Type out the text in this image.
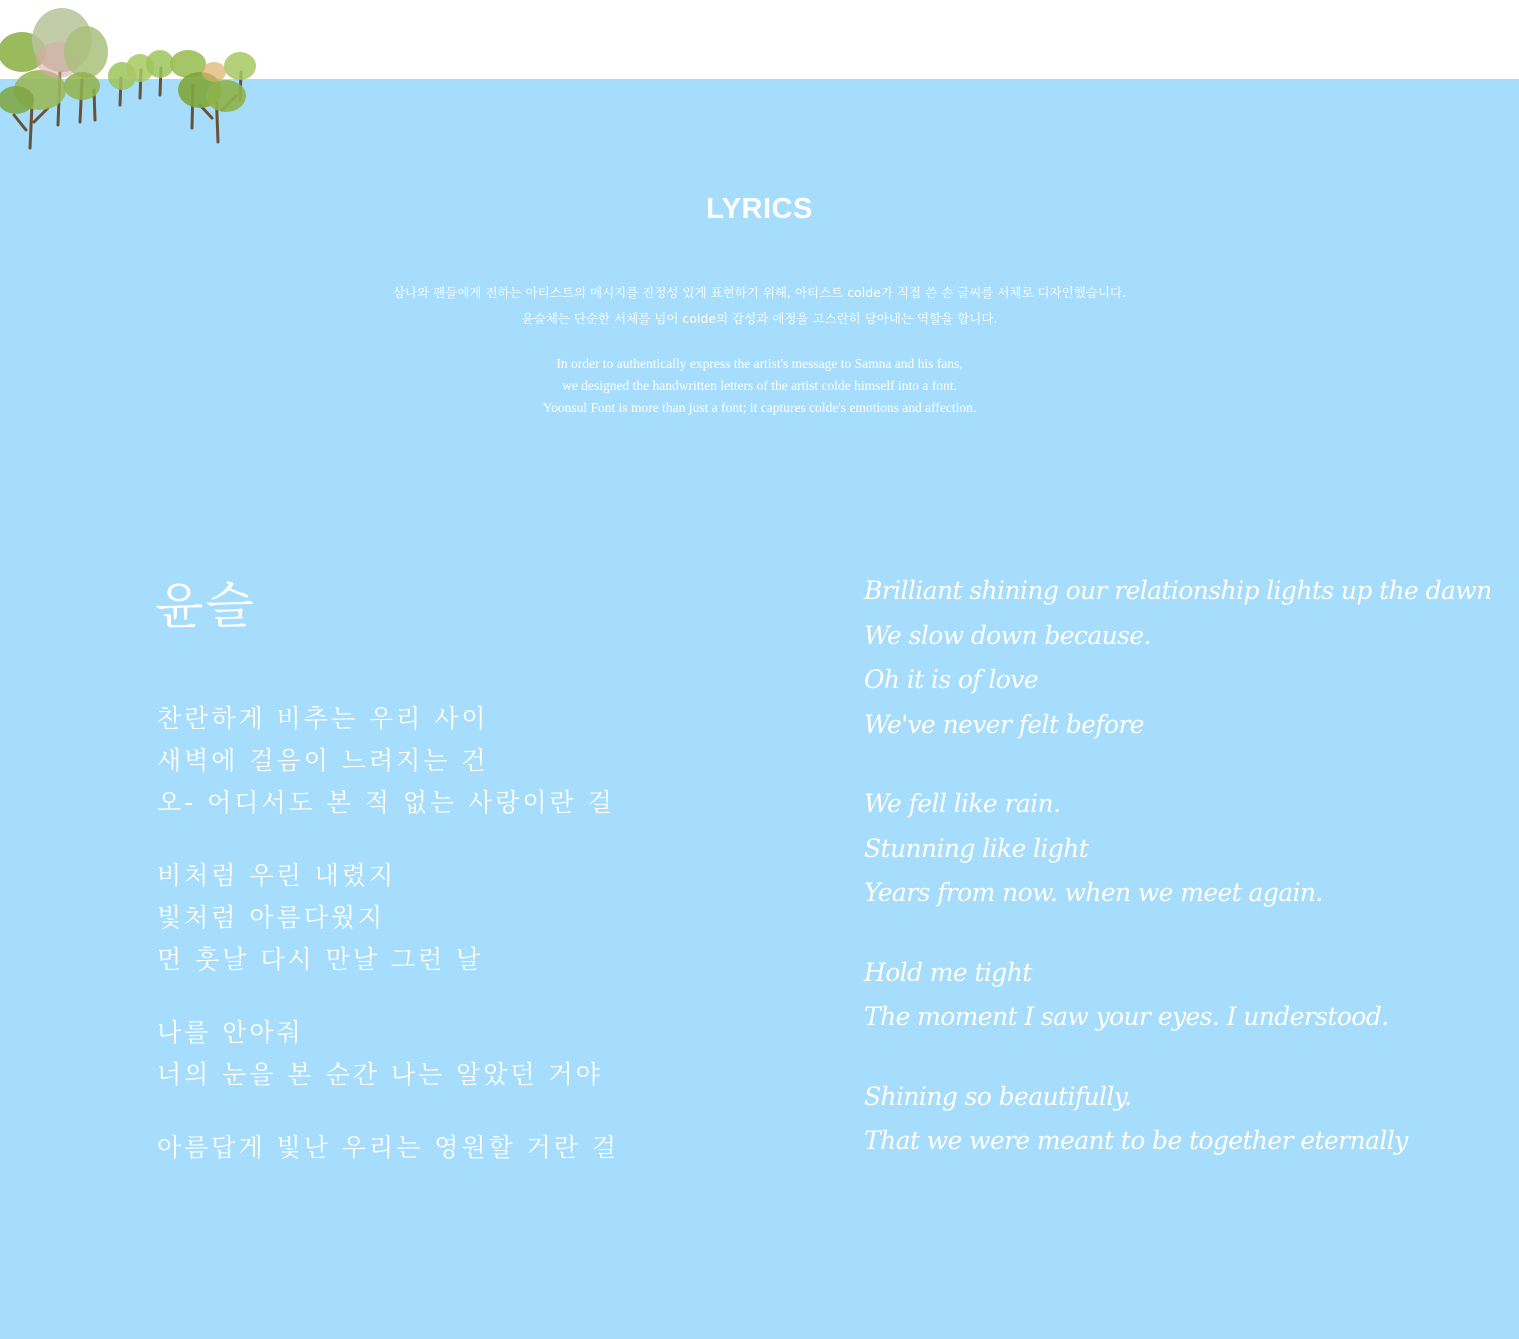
LYRICS
삼나와 팬들에게 전하는 아티스트의 메시지를 진정성 있게 표현하기 위해, 아티스트 colde가 직접 쓴 손 글씨를 서체로 디자인했습니다.
윤슬체는 단순한 서체를 넘어 colde의 감성과 애정을 고스란히 담아내는 역할을 합니다.
In order to authentically express the artist's message to Samna and his fans,
we designed the handwritten letters of the artist colde himself into a font.
Yoonsul Font is more than just a font; it captures colde's emotions and affection.
윤슬
찬란하게 비추는 우리 사이
새벽에 걸음이 느려지는 건
오- 어디서도 본 적 없는 사랑이란 걸
비처럼 우린 내렸지
빛처럼 아름다웠지
먼 훗날 다시 만날 그런 날
나를 안아줘
너의 눈을 본 순간 나는 알았던 거야
아름답게 빛난 우리는 영원할 거란 걸
Brilliant shining our relationship lights up the dawn
We slow down because.
Oh it is of love
We've never felt before
We fell like rain.
Stunning like light
Years from now. when we meet again.
Hold me tight
The moment I saw your eyes. I understood.
Shining so beautifully.
That we were meant to be together eternally
